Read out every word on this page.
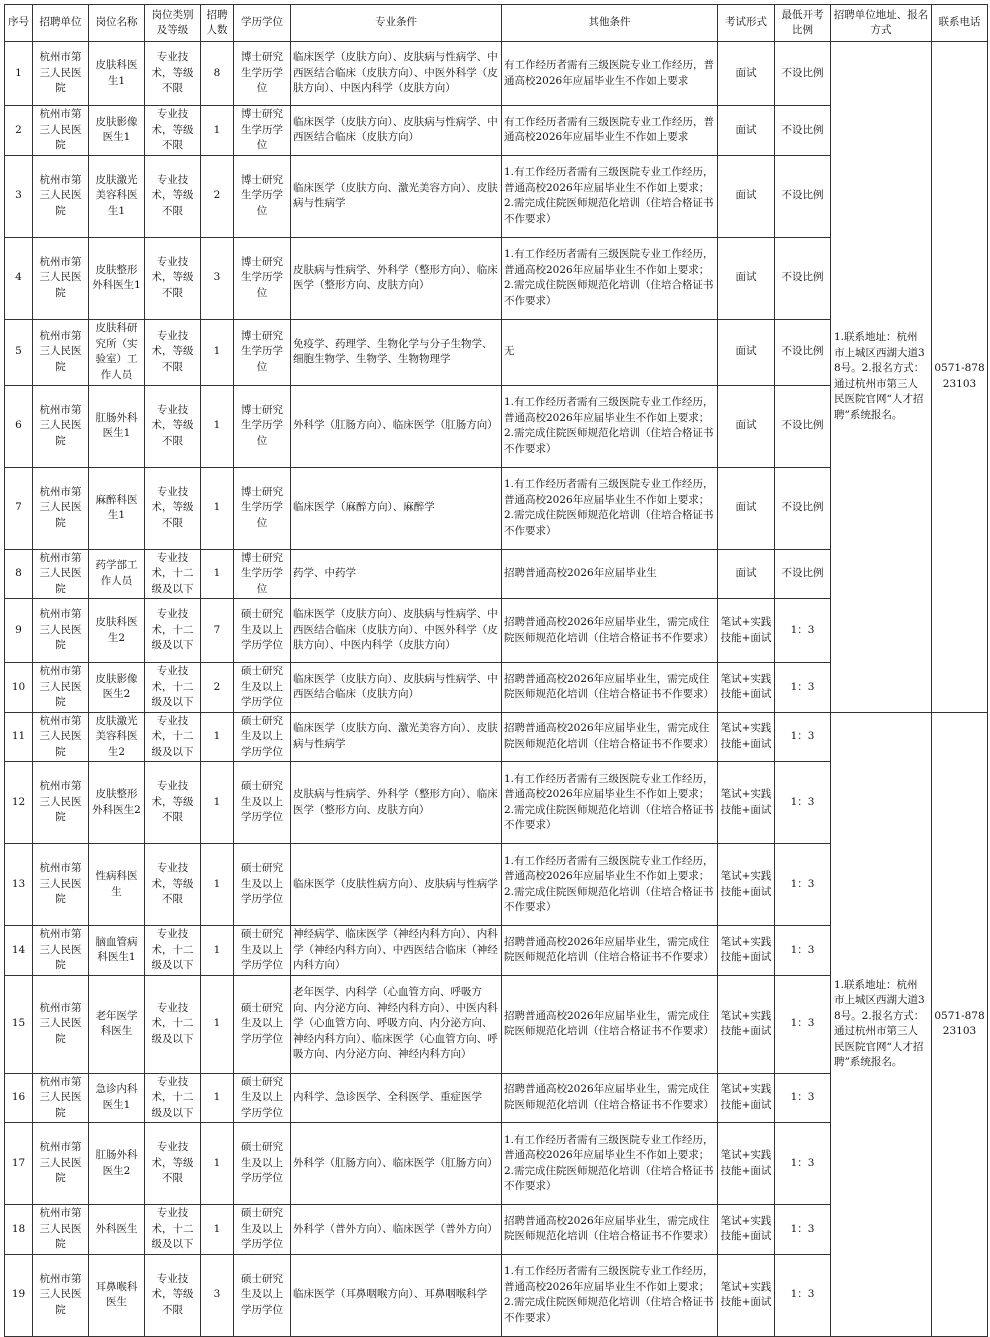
序号	招聘单位	岗位名称	岗位类别及等级	招聘人数	学历学位	专业条件	其他条件	考试形式	最低开考比例	招聘单位地址、报名方式	联系电话
1	杭州市第三人民医院	皮肤科医生1	专业技术，等级不限	8	博士研究生学历学位	临床医学（皮肤方向）、皮肤病与性病学、中西医结合临床（皮肤方向）、中医外科学（皮肤方向）、中医内科学（皮肤方向）	有工作经历者需有三级医院专业工作经历，普通高校2026年应届毕业生不作如上要求	面试	不设比例	1.联系地址：杭州市上城区西湖大道38号。2.报名方式：通过杭州市第三人民医院官网“人才招聘”系统报名。	0571-87823103
2	杭州市第三人民医院	皮肤影像医生1	专业技术，等级不限	1	博士研究生学历学位	临床医学（皮肤方向）、皮肤病与性病学、中西医结合临床（皮肤方向）	有工作经历者需有三级医院专业工作经历，普通高校2026年应届毕业生不作如上要求	面试	不设比例		
3	杭州市第三人民医院	皮肤激光美容科医生1	专业技术，等级不限	2	博士研究生学历学位	临床医学（皮肤方向、激光美容方向）、皮肤病与性病学	1.有工作经历者需有三级医院专业工作经历，普通高校2026年应届毕业生不作如上要求；2.需完成住院医师规范化培训（住培合格证书不作要求）	面试	不设比例		
4	杭州市第三人民医院	皮肤整形外科医生1	专业技术，等级不限	3	博士研究生学历学位	皮肤病与性病学、外科学（整形方向）、临床医学（整形方向、皮肤方向）	1.有工作经历者需有三级医院专业工作经历，普通高校2026年应届毕业生不作如上要求；2.需完成住院医师规范化培训（住培合格证书不作要求）	面试	不设比例		
5	杭州市第三人民医院	皮肤科研究所（实验室）工作人员	专业技术，等级不限	1	博士研究生学历学位	免疫学、药理学、生物化学与分子生物学、细胞生物学、生物学、生物物理学	无	面试	不设比例		
6	杭州市第三人民医院	肛肠外科医生1	专业技术，等级不限	1	博士研究生学历学位	外科学（肛肠方向）、临床医学（肛肠方向）	1.有工作经历者需有三级医院专业工作经历，普通高校2026年应届毕业生不作如上要求；2.需完成住院医师规范化培训（住培合格证书不作要求）	面试	不设比例		
7	杭州市第三人民医院	麻醉科医生1	专业技术，等级不限	1	博士研究生学历学位	临床医学（麻醉方向）、麻醉学	1.有工作经历者需有三级医院专业工作经历，普通高校2026年应届毕业生不作如上要求；2.需完成住院医师规范化培训（住培合格证书不作要求）	面试	不设比例		
8	杭州市第三人民医院	药学部工作人员	专业技术，十二级及以下	1	博士研究生学历学位	药学、中药学	招聘普通高校2026年应届毕业生	面试	不设比例		
9	杭州市第三人民医院	皮肤科医生2	专业技术，十二级及以下	7	硕士研究生及以上学历学位	临床医学（皮肤方向）、皮肤病与性病学、中西医结合临床（皮肤方向）、中医外科学（皮肤方向）、中医内科学（皮肤方向）	招聘普通高校2026年应届毕业生，需完成住院医师规范化培训（住培合格证书不作要求）	笔试+实践技能+面试	1：3		
10	杭州市第三人民医院	皮肤影像医生2	专业技术，十二级及以下	2	硕士研究生及以上学历学位	临床医学（皮肤方向）、皮肤病与性病学、中西医结合临床（皮肤方向）	招聘普通高校2026年应届毕业生，需完成住院医师规范化培训（住培合格证书不作要求）	笔试+实践技能+面试	1：3		
11	杭州市第三人民医院	皮肤激光美容科医生2	专业技术，十二级及以下	1	硕士研究生及以上学历学位	临床医学（皮肤方向、激光美容方向）、皮肤病与性病学	招聘普通高校2026年应届毕业生，需完成住院医师规范化培训（住培合格证书不作要求）	笔试+实践技能+面试	1：3	1.联系地址：杭州市上城区西湖大道38号。2.报名方式：通过杭州市第三人民医院官网“人才招聘”系统报名。	0571-87823103
12	杭州市第三人民医院	皮肤整形外科医生2	专业技术，等级不限	1	硕士研究生及以上学历学位	皮肤病与性病学、外科学（整形方向）、临床医学（整形方向、皮肤方向）	1.有工作经历者需有三级医院专业工作经历，普通高校2026年应届毕业生不作如上要求；2.需完成住院医师规范化培训（住培合格证书不作要求）	笔试+实践技能+面试	1：3		
13	杭州市第三人民医院	性病科医生	专业技术，等级不限	1	硕士研究生及以上学历学位	临床医学（皮肤性病方向）、皮肤病与性病学	1.有工作经历者需有三级医院专业工作经历，普通高校2026年应届毕业生不作如上要求；2.需完成住院医师规范化培训（住培合格证书不作要求）	笔试+实践技能+面试	1：3		
14	杭州市第三人民医院	脑血管病科医生1	专业技术，十二级及以下	1	硕士研究生及以上学历学位	神经病学、临床医学（神经内科方向）、内科学（神经内科方向）、中西医结合临床（神经内科方向）	招聘普通高校2026年应届毕业生，需完成住院医师规范化培训（住培合格证书不作要求）	笔试+实践技能+面试	1：3		
15	杭州市第三人民医院	老年医学科医生	专业技术，十二级及以下	1	硕士研究生及以上学历学位	老年医学、内科学（心血管方向、呼吸方向、内分泌方向、神经内科方向）、中医内科学（心血管方向、呼吸方向、内分泌方向、神经内科方向）、临床医学（心血管方向、呼吸方向、内分泌方向、神经内科方向）	招聘普通高校2026年应届毕业生，需完成住院医师规范化培训（住培合格证书不作要求）	笔试+实践技能+面试	1：3		
16	杭州市第三人民医院	急诊内科医生1	专业技术，十二级及以下	1	硕士研究生及以上学历学位	内科学、急诊医学、全科医学、重症医学	招聘普通高校2026年应届毕业生，需完成住院医师规范化培训（住培合格证书不作要求）	笔试+实践技能+面试	1：3		
17	杭州市第三人民医院	肛肠外科医生2	专业技术，等级不限	1	硕士研究生及以上学历学位	外科学（肛肠方向）、临床医学（肛肠方向）	1.有工作经历者需有三级医院专业工作经历，普通高校2026年应届毕业生不作如上要求；2.需完成住院医师规范化培训（住培合格证书不作要求）	笔试+实践技能+面试	1：3		
18	杭州市第三人民医院	外科医生	专业技术，十二级及以下	1	硕士研究生及以上学历学位	外科学（普外方向）、临床医学（普外方向）	招聘普通高校2026年应届毕业生，需完成住院医师规范化培训（住培合格证书不作要求）	笔试+实践技能+面试	1：3		
19	杭州市第三人民医院	耳鼻喉科医生	专业技术，等级不限	3	硕士研究生及以上学历学位	临床医学（耳鼻咽喉方向）、耳鼻咽喉科学	1.有工作经历者需有三级医院专业工作经历，普通高校2026年应届毕业生不作如上要求；2.需完成住院医师规范化培训（住培合格证书不作要求）	笔试+实践技能+面试	1：3		
